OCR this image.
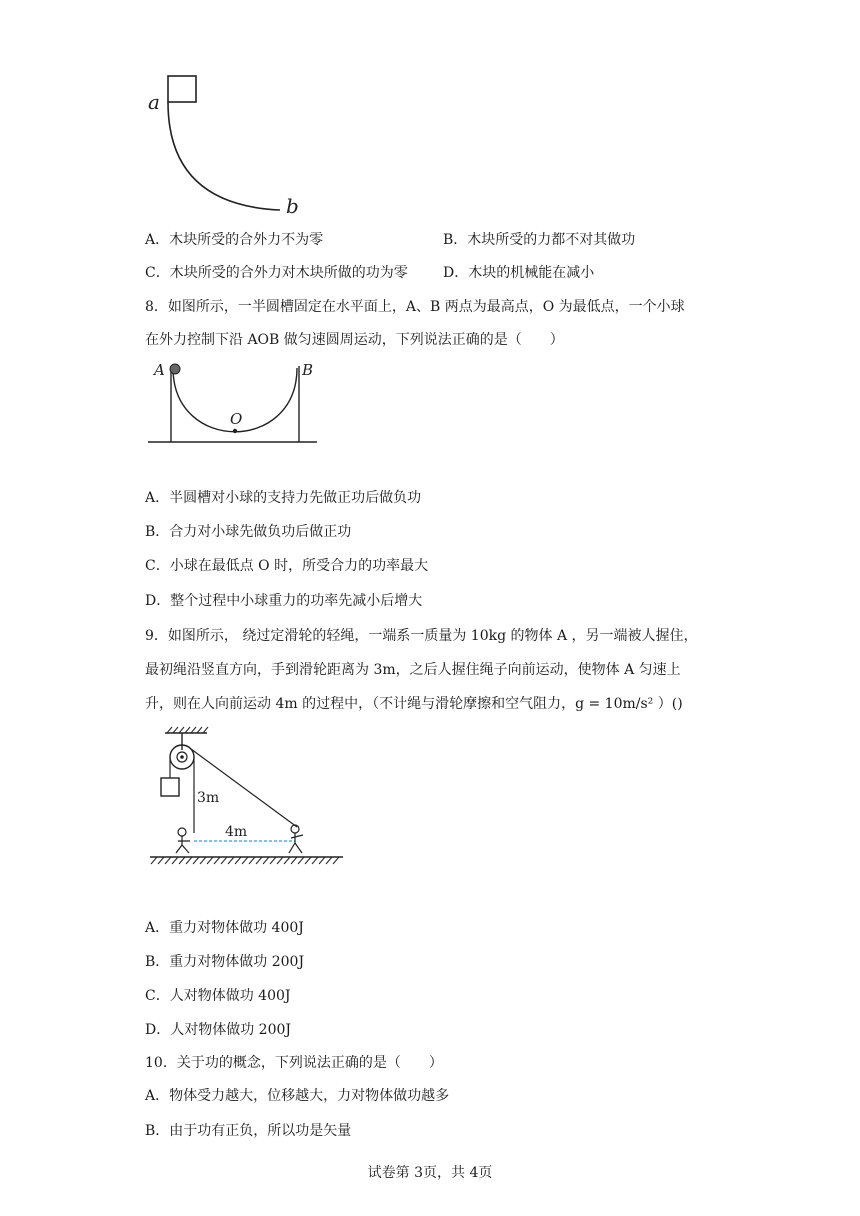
a
b
A．木块所受的合外力不为零	B．木块所受的力都不对其做功
C．木块所受的合外力对木块所做的功为零	D．木块的机械能在减小
8．如图所示，一半圆槽固定在水平面上，A、B 两点为最高点，O 为最低点，一个小球
在外力控制下沿 AOB 做匀速圆周运动，下列说法正确的是（　　）
A	B
O
A．半圆槽对小球的支持力先做正功后做负功
B．合力对小球先做负功后做正功
C．小球在最低点 O 时，所受合力的功率最大
D．整个过程中小球重力的功率先减小后增大
9．如图所示， 绕过定滑轮的轻绳，一端系一质量为 10kg 的物体 A ，另一端被人握住，
最初绳沿竖直方向，手到滑轮距离为 3m，之后人握住绳子向前运动，使物体 A 匀速上
升，则在人向前运动 4m 的过程中，（不计绳与滑轮摩擦和空气阻力，g = 10m/s² ）()
3m
4m
A．重力对物体做功 400J
B．重力对物体做功 200J
C．人对物体做功 400J
D．人对物体做功 200J
10．关于功的概念，下列说法正确的是（　　）
A．物体受力越大，位移越大，力对物体做功越多
B．由于功有正负，所以功是矢量
试卷第 3页，共 4页
